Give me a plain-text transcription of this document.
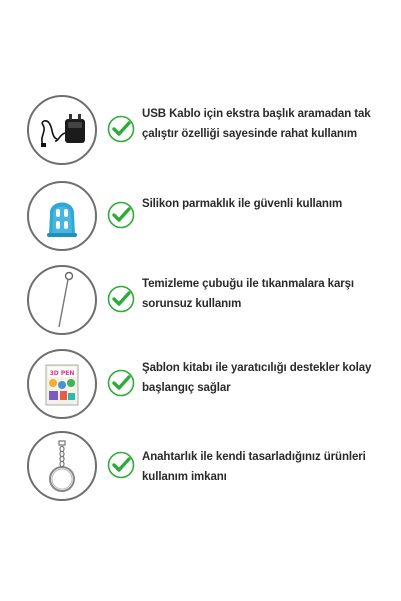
USB Kablo için ekstra başlık aramadan tak çalıştır özelliği sayesinde rahat kullanım
Silikon parmaklık ile güvenli kullanım
Temizleme çubuğu ile tıkanmalara karşı sorunsuz kullanım
3D PEN	Şablon kitabı ile yaratıcılığı destekler kolay başlangıç sağlar
Anahtarlık ile kendi tasarladığınız ürünleri kullanım imkanı
